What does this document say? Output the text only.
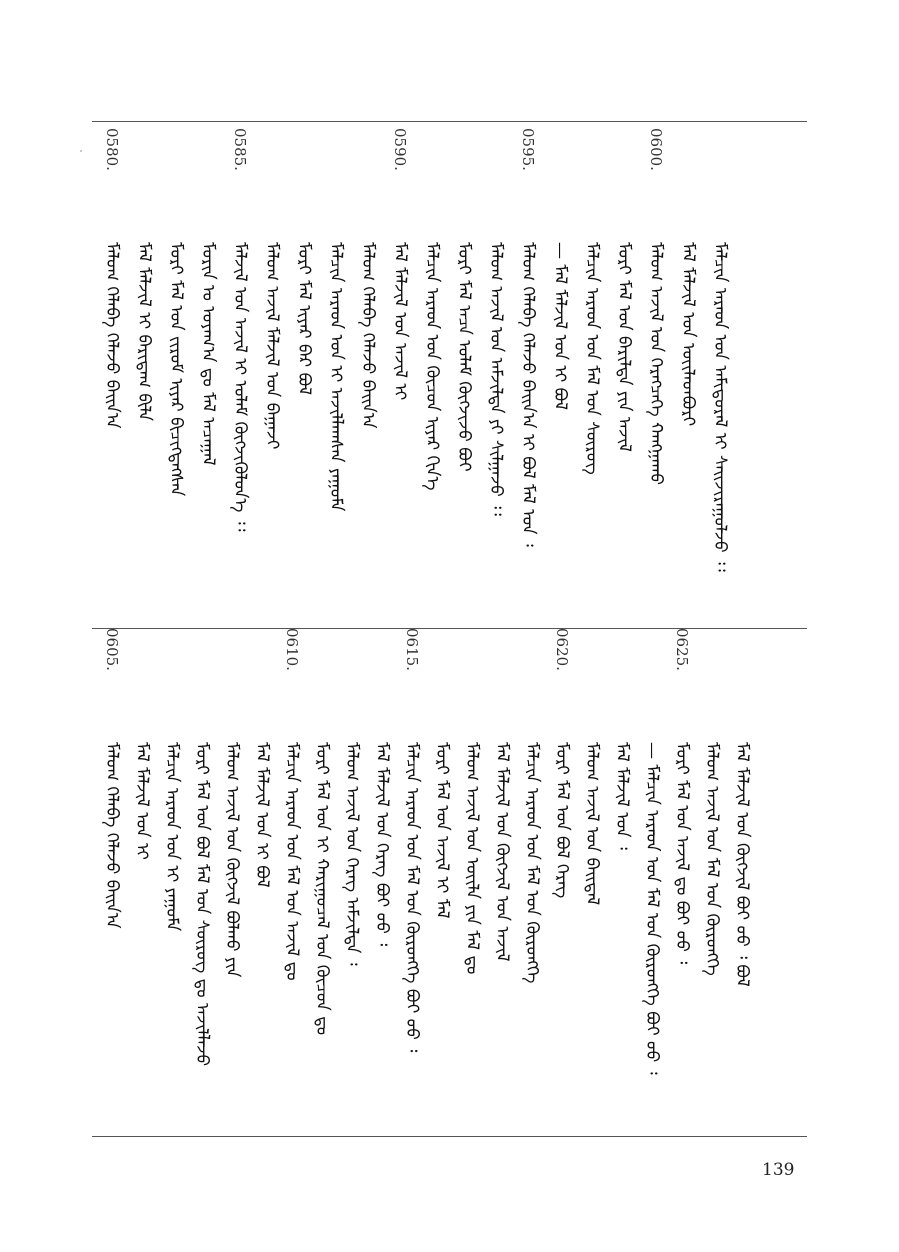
0580.
ᠮᠠᠯᠤᠭ ᠬᠡᠯᠡᠪᠡ ᠬᠡᠯᠡᠵᠦ ᠪᠠᠢᠨ᠎ᠠ ᠮᠠᠯ ᠮᠠᠯᠵᠢᠯ ᠢ ᠪᠠᠷᠢᠳᠠᠭ ᠪᠢᠯᠡ ᠮᠤᠷᠢ ᠮᠠᠯ ᠤᠨ ᠵᠢᠷᠤᠮ ᠢᠶᠠᠷ ᠪᠢᠴᠢᠭᠳᠡᠭᠰᠡᠨ ᠮᠣᠷᠢᠨ ᠤ ᠤᠶᠠᠭ᠎ᠠ ᠳᠤ ᠮᠠᠯ ᠠᠴᠠᠭᠠᠯ
0585.
ᠮᠠᠯᠵᠢᠯ ᠤᠨ ᠠᠵᠢᠯ ᠢ ᠤᠯᠠᠮ ᠬᠥᠭᠵᠢᠭᠦᠯᠦᠨ᠎ᠡ ᠄᠄ ᠮᠠᠯᠤᠭ ᠠᠵᠢᠯ ᠮᠠᠯᠵᠢᠯ ᠤᠨ ᠪᠠᠭᠠᠵᠢ ᠮᠣᠷᠢ ᠮᠠᠯ ᠢᠶᠠᠷ ᠪᠠᠷ ᠪᠤᠯ ᠮᠠᠯᠴᠢᠨ ᠠᠷᠠᠳ ᠤᠨ ᠢ ᠠᠵᠢᠯᠯᠠᠭᠰᠠᠨ ᠶᠠᠭᠤᠮᠠ ᠮᠠᠯᠤᠭ ᠬᠡᠯᠡᠪᠡ ᠬᠡᠯᠡᠵᠦ ᠪᠠᠢᠨ᠎ᠠ
0590.
ᠮᠠᠯ ᠮᠠᠯᠵᠢᠯ ᠤᠨ ᠠᠵᠢᠯ ᠢ ᠮᠠᠯᠴᠢᠨ ᠠᠷᠠᠳ ᠤᠨ ᠬᠦᠴᠦᠨ ᠢᠶᠠᠷ ᠬᠢᠨ᠎ᠡ ᠮᠤᠷᠢ ᠮᠠᠯ ᠠᠴᠠ ᠤᠯᠠᠮ ᠬᠥᠭᠵᠢᠵᠦ ᠪᠤᠢ ᠮᠠᠯᠤᠭ ᠠᠵᠢᠯ ᠤᠨ ᠠᠮᠵᠢᠯᠲᠠ ᠶᠢ ᠰᠢᠯᠭᠠᠵᠤ ᠄᠄
0595.
ᠮᠠᠯᠤᠭ ᠬᠡᠯᠡᠪᠡ ᠬᠡᠯᠡᠵᠦ ᠪᠠᠢᠨ᠎ᠠ ᠢ ᠪᠤᠯ ᠮᠠᠯ ᠤᠨ ᠄ — ᠮᠠᠯ ᠮᠠᠯᠵᠢᠯ ᠤᠨ ᠢ ᠪᠤᠯ ᠮᠠᠯᠴᠢᠨ ᠠᠷᠠᠳ ᠤᠨ ᠮᠠᠯ ᠤᠨ ᠰᠦᠷᠦᠭ ᠮᠤᠷᠢ ᠮᠠᠯ ᠤᠨ ᠪᠠᠷᠢᠯᠲᠠ ᠶᠢᠨ ᠠᠵᠢᠯ
0600.
ᠮᠠᠯᠤᠭ ᠠᠵᠢᠯ ᠤᠨ ᠬᠡᠷᠡᠭᠴᠡᠭᠡ ᠬᠠᠩᠭᠠᠬᠤ ᠮᠠᠯ ᠮᠠᠯᠵᠢᠯ ᠤᠨ ᠦᠢᠯᠡᠳᠪᠦᠷᠢ ᠮᠠᠯᠴᠢᠨ ᠠᠷᠠᠳ ᠤᠨ ᠠᠮᠢᠳᠤᠷᠠᠯ ᠢ ᠰᠠᠢᠵᠢᠷᠠᠭᠤᠯᠵᠤ ᠄᠄
0605.
ᠮᠠᠯᠤᠭ ᠬᠡᠯᠡᠪᠡ ᠬᠡᠯᠡᠵᠦ ᠪᠠᠢᠨ᠎ᠠ ᠮᠠᠯ ᠮᠠᠯᠵᠢᠯ ᠤᠨ ᠢ ᠮᠠᠯᠴᠢᠨ ᠠᠷᠠᠳ ᠤᠨ ᠢ ᠶᠠᠭᠤᠮᠠ ᠮᠤᠷᠢ ᠮᠠᠯ ᠤᠨ ᠪᠤᠯ ᠮᠠᠯ ᠤᠨ ᠰᠦᠷᠦᠭ ᠳᠤ ᠠᠵᠢᠯᠯᠠᠵᠤ ᠮᠠᠯᠤᠭ ᠠᠵᠢᠯ ᠤᠨ ᠬᠥᠭᠵᠢᠯ ᠪᠤᠯᠬᠤ ᠶᠢᠨ ᠮᠠᠯ ᠮᠠᠯᠵᠢᠯ ᠤᠨ ᠢ ᠪᠤᠯ
0610.
ᠮᠠᠯᠴᠢᠨ ᠠᠷᠠᠳ ᠤᠨ ᠮᠠᠯ ᠤᠨ ᠠᠵᠢᠯ ᠳᠤ ᠮᠤᠷᠢ ᠮᠠᠯ ᠤᠨ ᠢ ᠬᠠᠷᠢᠭᠤᠴᠠᠯ ᠤᠨ ᠬᠦᠴᠦᠨ ᠳᠤ ᠮᠠᠯᠤᠭ ᠠᠵᠢᠯ ᠤᠨ ᠬᠡᠷᠡᠭ ᠠᠮᠵᠢᠯᠲᠠ ᠄ ᠮᠠᠯ ᠮᠠᠯᠵᠢᠯ ᠤᠨ ᠬᠡᠷᠡᠭ ᠪᠤᠢ ᠤᠤ ᠄
0615.
ᠮᠠᠯᠴᠢᠨ ᠠᠷᠠᠳ ᠤᠨ ᠮᠠᠯ ᠤᠨ ᠬᠥᠷᠦᠩᠭᠡ ᠪᠤᠢ ᠤᠤ ᠄ ᠮᠤᠷᠢ ᠮᠠᠯ ᠤᠨ ᠠᠵᠢᠯ ᠢ ᠮᠠᠯ ᠮᠠᠯᠤᠭ ᠠᠵᠢᠯ ᠤᠨ ᠦᠢᠯᠡ ᠶᠢᠨ ᠮᠠᠯ ᠳᠤ ᠮᠠᠯ ᠮᠠᠯᠵᠢᠯ ᠤᠨ ᠬᠥᠭᠵᠢᠯ ᠤᠨ ᠠᠵᠢᠯ ᠮᠠᠯᠴᠢᠨ ᠠᠷᠠᠳ ᠤᠨ ᠮᠠᠯ ᠤᠨ ᠬᠥᠷᠦᠩᠭᠡ
0620.
ᠮᠤᠷᠢ ᠮᠠᠯ ᠤᠨ ᠪᠤᠯ ᠬᠡᠷᠡᠭ ᠮᠠᠯᠤᠭ ᠠᠵᠢᠯ ᠤᠨ ᠪᠠᠢᠳᠠᠯ ᠮᠠᠯ ᠮᠠᠯᠵᠢᠯ ᠤᠨ ᠄ — ᠮᠠᠯᠴᠢᠨ ᠠᠷᠠᠳ ᠤᠨ ᠮᠠᠯ ᠤᠨ ᠬᠥᠷᠦᠩᠭᠡ ᠪᠤᠢ ᠤᠤ ᠄
0625.
ᠮᠤᠷᠢ ᠮᠠᠯ ᠤᠨ ᠠᠵᠢᠯ ᠳᠤ ᠪᠤᠢ ᠤᠤ ᠄ ᠮᠠᠯᠤᠭ ᠠᠵᠢᠯ ᠤᠨ ᠮᠠᠯ ᠤᠨ ᠬᠥᠷᠦᠩᠭᠡ ᠮᠠᠯ ᠮᠠᠯᠵᠢᠯ ᠤᠨ ᠬᠥᠭᠵᠢᠯ ᠪᠤᠢ ᠤᠤ ᠄ ᠪᠤᠯ
139
